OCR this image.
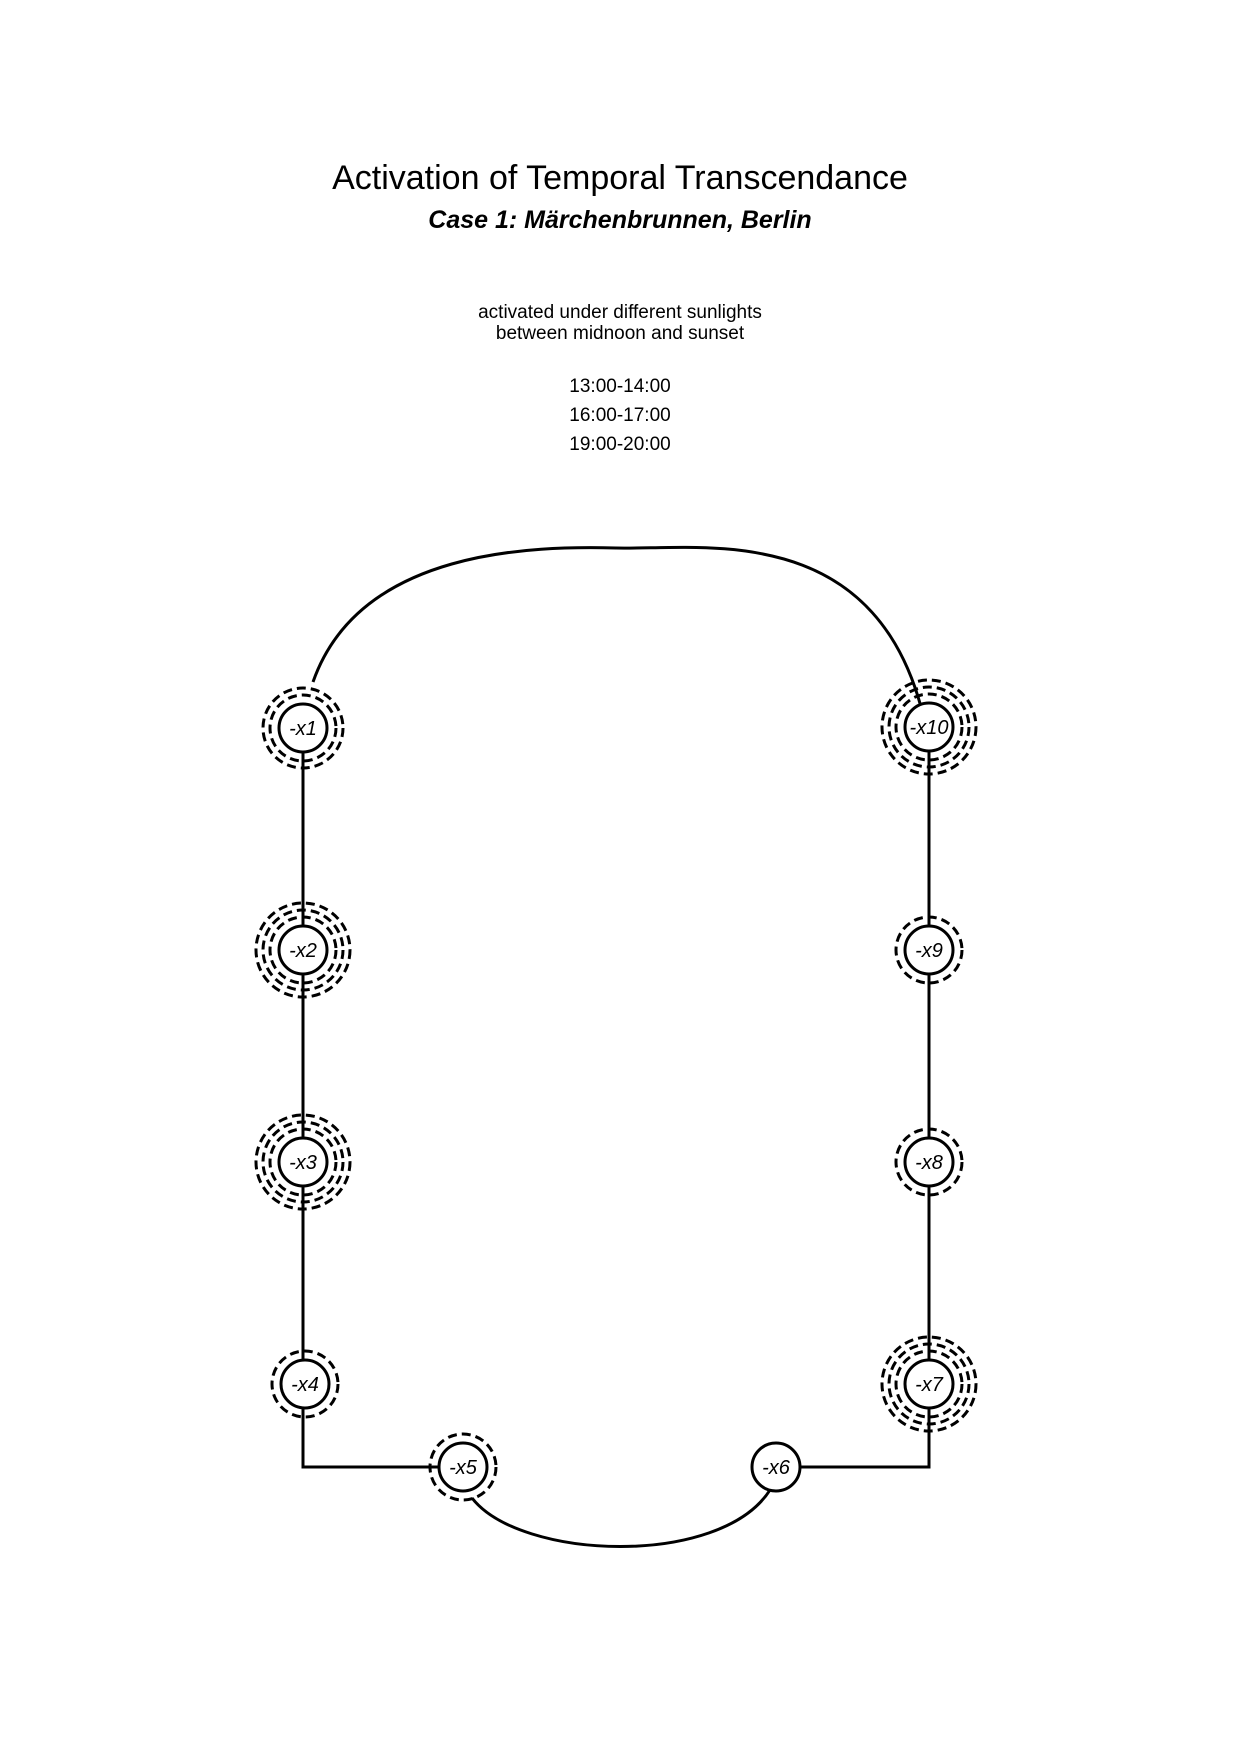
Activation of Temporal Transcendance
Case 1: Märchenbrunnen, Berlin
activated under different sunlights
between midnoon and sunset
13:00-14:00
16:00-17:00
19:00-20:00
-x1
-x2
-x3
-x4
-x5	-x6
-x7
-x8
-x9
-x10
